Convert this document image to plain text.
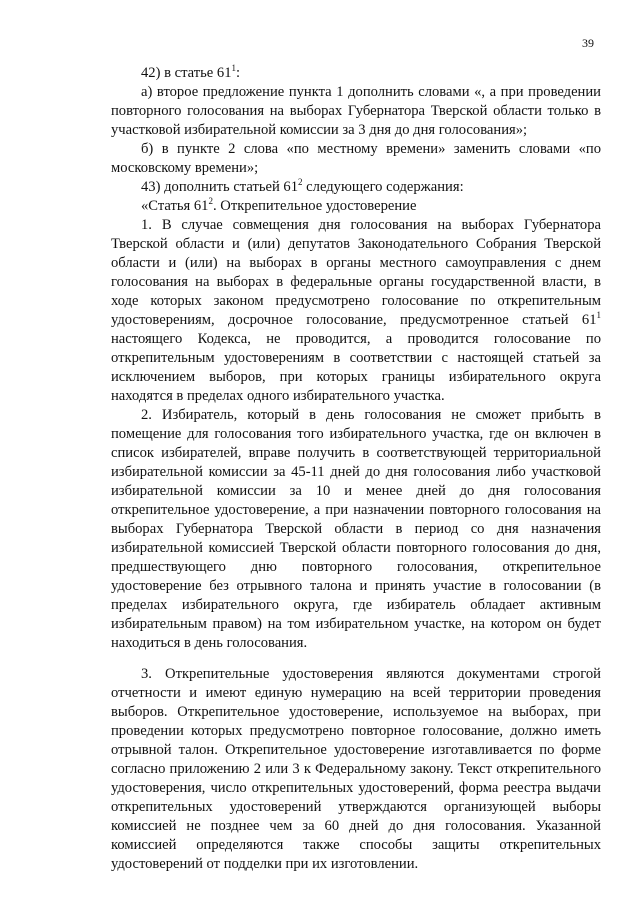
39

42) в статье $61^1$:

а) второе предложение пункта 1 дополнить словами «, а при проведении повторного голосования на выборах Губернатора Тверской области только в участковой избирательной комиссии за 3 дня до дня голосования»;

б) в пункте 2 слова «по местному времени» заменить словами «по московскому времени»;

43) дополнить статьей $61^2$ следующего содержания:

«Статья $61^2$. Открепительное удостоверение

1. В случае совмещения дня голосования на выборах Губернатора Тверской области и (или) депутатов Законодательного Собрания Тверской области и (или) на выборах в органы местного самоуправления с днем голосования на выборах в федеральные органы государственной власти, в ходе которых законом предусмотрено голосование по открепительным удостоверениям, досрочное голосование, предусмотренное статьей $61^1$ настоящего Кодекса, не проводится, а проводится голосование по открепительным удостоверениям в соответствии с настоящей статьей за исключением выборов, при которых границы избирательного округа находятся в пределах одного избирательного участка.

2. Избиратель, который в день голосования не сможет прибыть в помещение для голосования того избирательного участка, где он включен в список избирателей, вправе получить в соответствующей территориальной избирательной комиссии за 45-11 дней до дня голосования либо участковой избирательной комиссии за 10 и менее дней до дня голосования открепительное удостоверение, а при назначении повторного голосования на выборах Губернатора Тверской области в период со дня назначения избирательной комиссией Тверской области повторного голосования до дня, предшествующего дню повторного голосования, открепительное удостоверение без отрывного талона и принять участие в голосовании (в пределах избирательного округа, где избиратель обладает активным избирательным правом) на том избирательном участке, на котором он будет находиться в день голосования.

3. Открепительные удостоверения являются документами строгой отчетности и имеют единую нумерацию на всей территории проведения выборов. Открепительное удостоверение, используемое на выборах, при проведении которых предусмотрено повторное голосование, должно иметь отрывной талон. Открепительное удостоверение изготавливается по форме согласно приложению 2 или 3 к Федеральному закону. Текст открепительного удостоверения, число открепительных удостоверений, форма реестра выдачи открепительных удостоверений утверждаются организующей выборы комиссией не позднее чем за 60 дней до дня голосования. Указанной комиссией определяются также способы защиты открепительных удостоверений от подделки при их изготовлении.
